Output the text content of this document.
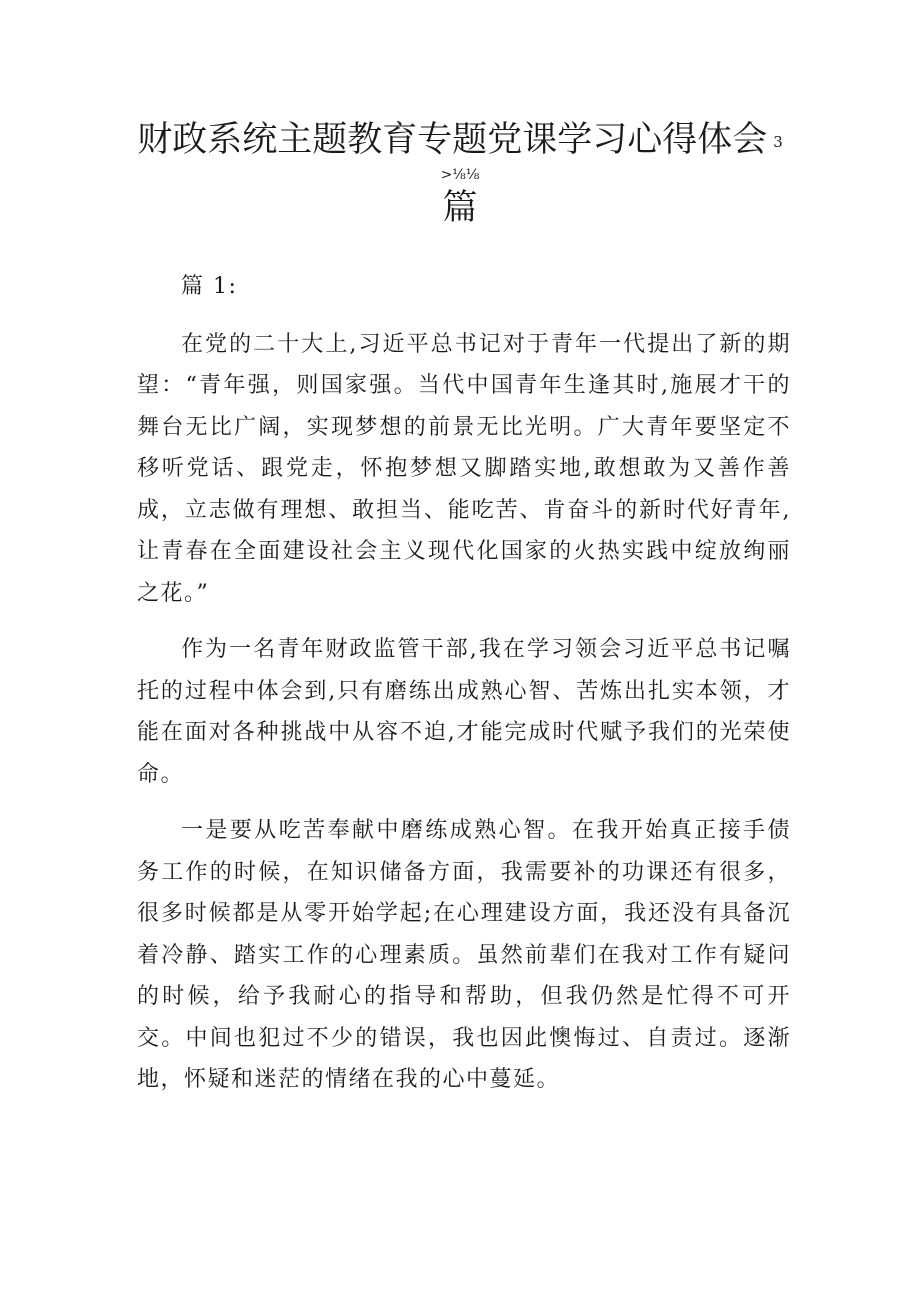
财政系统主题教育专题党课学习心得体会 3
>⅛⅛
篇

篇 1:

在党的二十大上,习近平总书记对于青年一代提出了新的期望：“青年强，则国家强。当代中国青年生逢其时,施展才干的舞台无比广阔，实现梦想的前景无比光明。广大青年要坚定不移听党话、跟党走，怀抱梦想又脚踏实地,敢想敢为又善作善成，立志做有理想、敢担当、能吃苦、肯奋斗的新时代好青年,让青春在全面建设社会主义现代化国家的火热实践中绽放绚丽之花。”

作为一名青年财政监管干部,我在学习领会习近平总书记嘱托的过程中体会到,只有磨练出成熟心智、苦炼出扎实本领，才能在面对各种挑战中从容不迫,才能完成时代赋予我们的光荣使命。

一是要从吃苦奉献中磨练成熟心智。在我开始真正接手债务工作的时候，在知识储备方面，我需要补的功课还有很多，很多时候都是从零开始学起;在心理建设方面，我还没有具备沉着冷静、踏实工作的心理素质。虽然前辈们在我对工作有疑问的时候，给予我耐心的指导和帮助，但我仍然是忙得不可开交。中间也犯过不少的错误，我也因此懊悔过、自责过。逐渐地，怀疑和迷茫的情绪在我的心中蔓延。
